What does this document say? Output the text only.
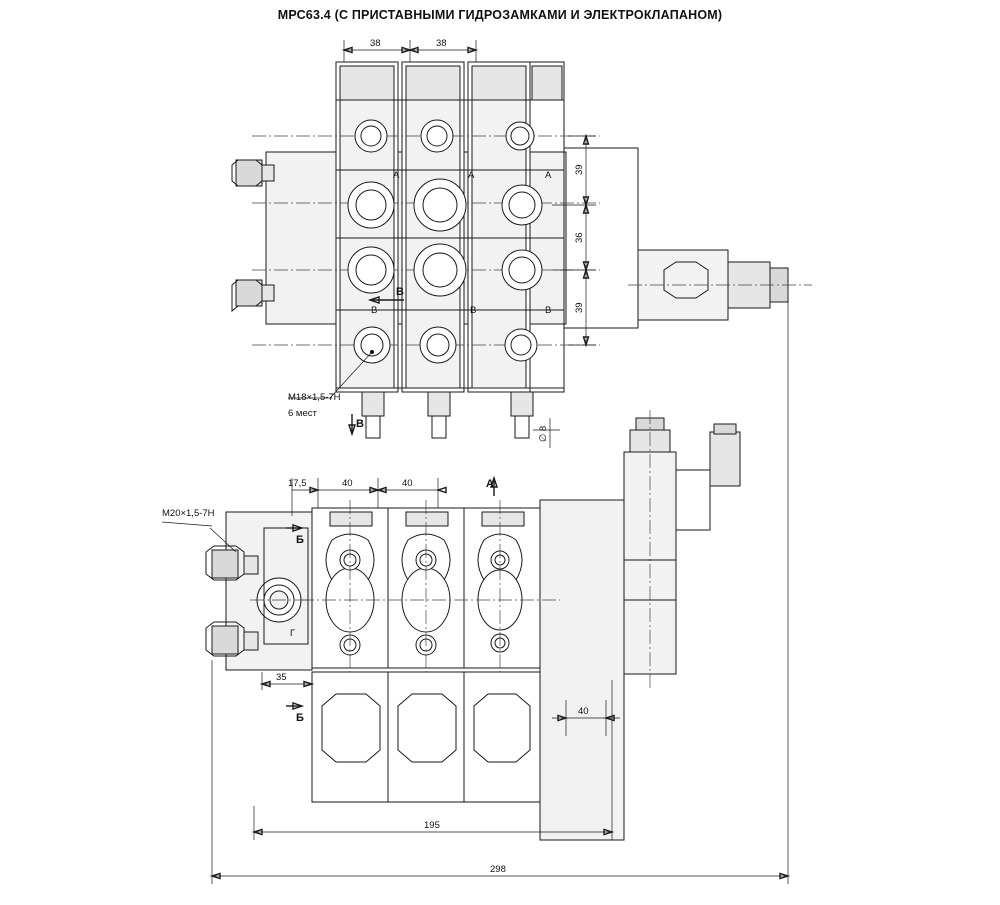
МРС63.4 (С ПРИСТАВНЫМИ ГИДРОЗАМКАМИ И ЭЛЕКТРОКЛАПАНОМ)
38	38
39
36
39
∅ 8
17,5	40	40
35
40
195
298
A	A	A
B	B	B
В
В
M18×1,5-7H
6 мест
M20×1,5-7H
A
Б
Б
Г
